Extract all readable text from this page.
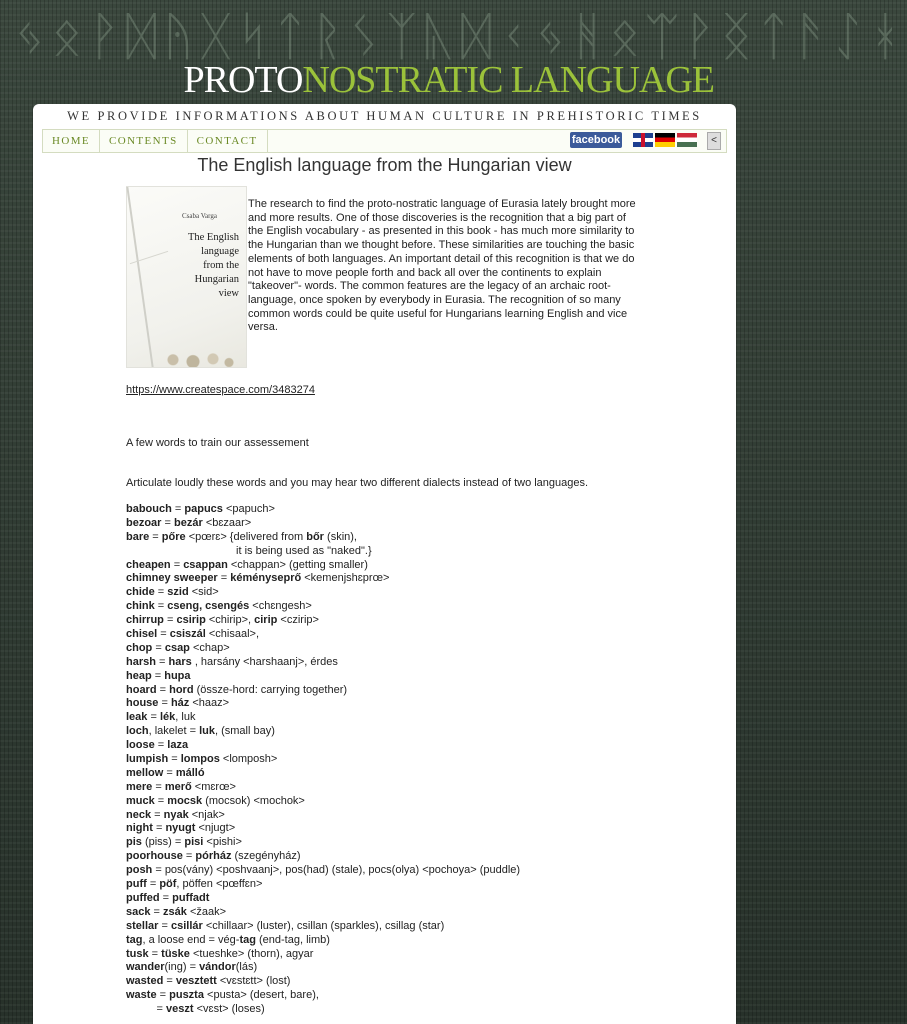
ᛃᛟᚹᛞᚤᚷᛋᛏᚱᛊᛉᚣᛞᚲᛃᚻᛟᛠᚹᛝᛏᚫᛇᚼ
PROTONOSTRATIC LANGUAGE
WE PROVIDE INFORMATIONS ABOUT HUMAN CULTURE IN PREHISTORIC TIMES
HOME	CONTENTS	CONTACT	facebook	<
The English language from the Hungarian view
Csaba Varga
The English
language
from the
Hungarian
view
The research to find the proto-nostratic language of Eurasia lately brought more and more results. One of those discoveries is the recognition that a big part of the English vocabulary - as presented in this book - has much more similarity to the Hungarian than we thought before. These similarities are touching the basic elements of both languages. An important detail of this recognition is that we do not have to move people forth and back all over the continents to explain "takeover"- words. The common features are the legacy of an archaic root-language, once spoken by everybody in Eurasia. The recognition of so many common words could be quite useful for Hungarians learning English and vice versa.
https://www.createspace.com/3483274
A few words to train our assessement
Articulate loudly these words and you may hear two different dialects instead of two languages.
babouch = papucs <papuch>
bezoar = bezár <bɛzaar>
bare = pőre <pœrɛ> {delivered from bőr (skin),
it is being used as "naked".}
cheapen = csappan <chappan> (getting smaller)
chimney sweeper = kéményseprő <kemenjshɛprœ>
chide = szid <sid>
chink = cseng, csengés <chɛngesh>
chirrup = csirip <chirip>, cirip <czirip>
chisel = csiszál <chisaal>,
chop = csap <chap>
harsh = hars , harsány <harshaanj>, érdes
heap = hupa
hoard = hord (össze-hord: carrying together)
house = ház <haaz>
leak = lék, luk
loch, lakelet = luk, (small bay)
loose = laza
lumpish = lompos <lomposh>
mellow = málló
mere = merő <mɛrœ>
muck = mocsk (mocsok) <mochok>
neck = nyak <njak>
night = nyugt <njugt>
pis (piss) = pisi <pishi>
poorhouse = pórház (szegényház)
posh = pos(vány) <poshvaanj>, pos(had) (stale), pocs(olya) <pochoya> (puddle)
puff = pöf, pöffen <pœffɛn>
puffed = puffadt
sack = zsák <žaak>
stellar = csillár <chillaar> (luster), csillan (sparkles), csillag (star)
tag, a loose end = vég-tag (end-tag, limb)
tusk = tüske <tueshke> (thorn), agyar
wander(ing) = vándor(lás)
wasted = vesztett <vɛstɛtt> (lost)
waste = puszta <pusta> (desert, bare),
= veszt <vɛst> (loses)
